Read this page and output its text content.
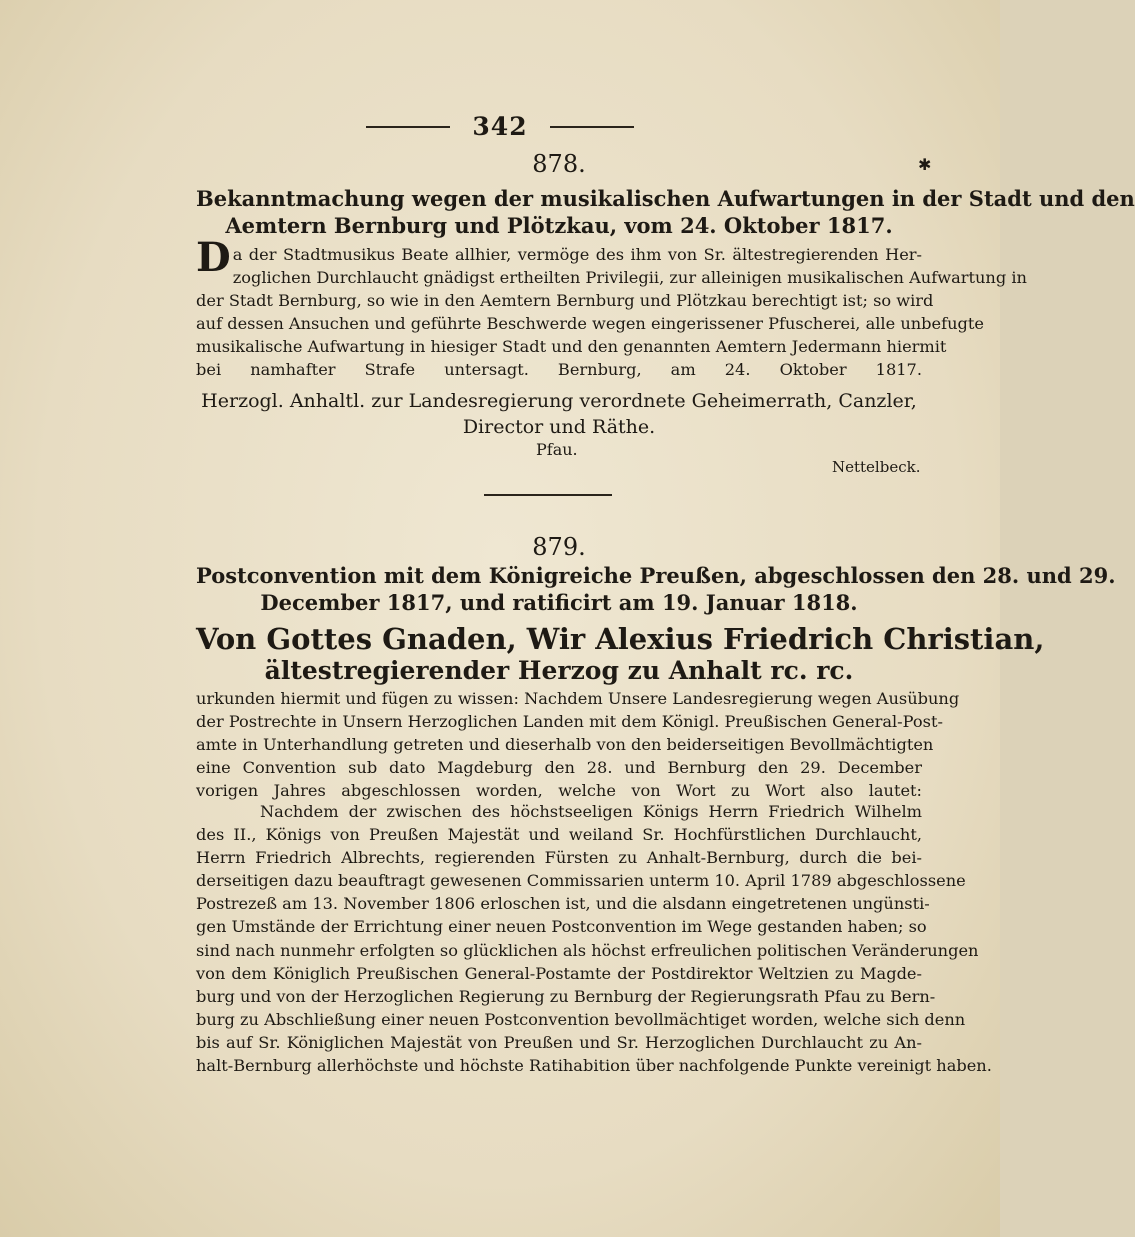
342
✱
878.
Bekanntmachung wegen der musikalischen Aufwartungen in der Stadt und den
Aemtern Bernburg und Plötzkau, vom 24. Oktober 1817.
D a der Stadtmusikus Beate allhier, vermöge des ihm von Sr. ältestregierenden Her-
zoglichen Durchlaucht gnädigst ertheilten Privilegii, zur alleinigen musikalischen Aufwartung in
der Stadt Bernburg, so wie in den Aemtern Bernburg und Plötzkau berechtigt ist; so wird
auf dessen Ansuchen und geführte Beschwerde wegen eingerissener Pfuscherei, alle unbefugte
musikalische Aufwartung in hiesiger Stadt und den genannten Aemtern Jedermann hiermit
bei namhafter Strafe untersagt. Bernburg, am 24. Oktober 1817.
Herzogl. Anhaltl. zur Landesregierung verordnete Geheimerrath, Canzler,
Director und Räthe.
Pfau.
Nettelbeck.
879.
Postconvention mit dem Königreiche Preußen, abgeschlossen den 28. und 29.
December 1817, und ratificirt am 19. Januar 1818.
Von Gottes Gnaden, Wir Alexius Friedrich Christian,
ältestregierender Herzog zu Anhalt rc. rc.
urkunden hiermit und fügen zu wissen: Nachdem Unsere Landesregierung wegen Ausübung
der Postrechte in Unsern Herzoglichen Landen mit dem Königl. Preußischen General-Post-
amte in Unterhandlung getreten und dieserhalb von den beiderseitigen Bevollmächtigten
eine Convention sub dato Magdeburg den 28. und Bernburg den 29. December
vorigen Jahres abgeschlossen worden, welche von Wort zu Wort also lautet:
Nachdem der zwischen des höchstseeligen Königs Herrn Friedrich Wilhelm
des II., Königs von Preußen Majestät und weiland Sr. Hochfürstlichen Durchlaucht,
Herrn Friedrich Albrechts, regierenden Fürsten zu Anhalt-Bernburg, durch die bei-
derseitigen dazu beauftragt gewesenen Commissarien unterm 10. April 1789 abgeschlossene
Postrezeß am 13. November 1806 erloschen ist, und die alsdann eingetretenen ungünsti-
gen Umstände der Errichtung einer neuen Postconvention im Wege gestanden haben; so
sind nach nunmehr erfolgten so glücklichen als höchst erfreulichen politischen Veränderungen
von dem Königlich Preußischen General-Postamte der Postdirektor Weltzien zu Magde-
burg und von der Herzoglichen Regierung zu Bernburg der Regierungsrath Pfau zu Bern-
burg zu Abschließung einer neuen Postconvention bevollmächtiget worden, welche sich denn
bis auf Sr. Königlichen Majestät von Preußen und Sr. Herzoglichen Durchlaucht zu An-
halt-Bernburg allerhöchste und höchste Ratihabition über nachfolgende Punkte vereinigt haben.
